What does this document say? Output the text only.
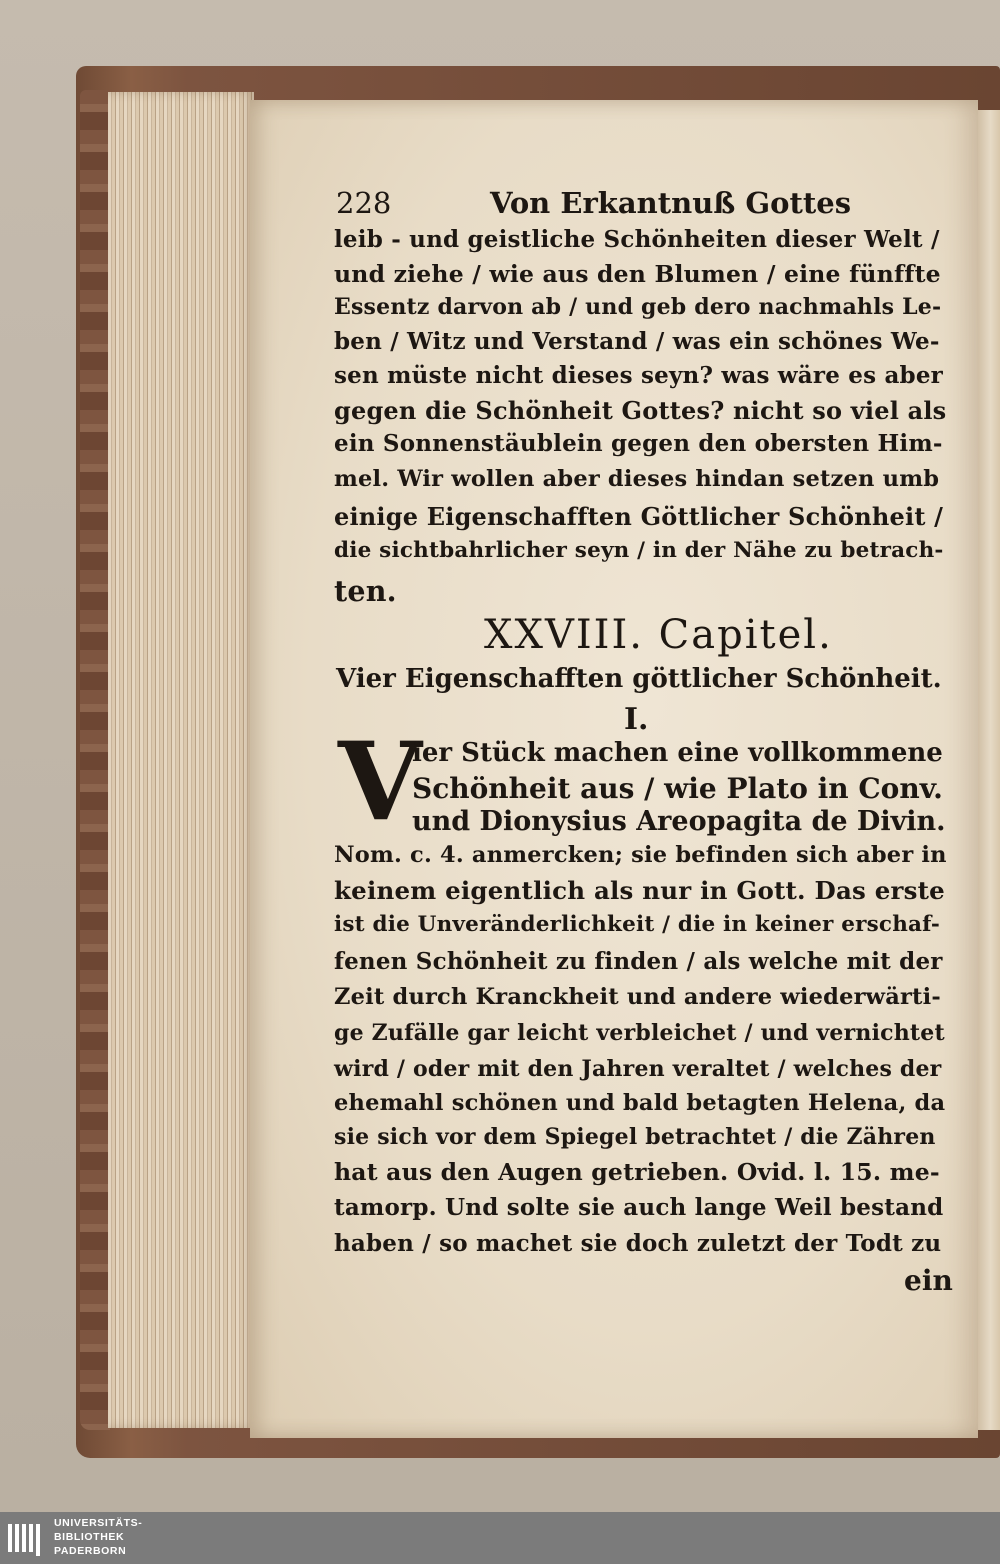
228	Von Erkantnuß Gottes
leib - und geistliche Schönheiten dieser Welt /
und ziehe / wie aus den Blumen / eine fünffte
Essentz darvon ab / und geb dero nachmahls Le-
ben / Witz und Verstand / was ein schönes We-
sen müste nicht dieses seyn? was wäre es aber
gegen die Schönheit Gottes? nicht so viel als
ein Sonnenstäublein gegen den obersten Him-
mel. Wir wollen aber dieses hindan setzen umb
einige Eigenschafften Göttlicher Schönheit /
die sichtbahrlicher seyn / in der Nähe zu betrach-
ten.
XXVIII. Capitel.
Vier Eigenschafften göttlicher Schönheit.
I.
V
ier Stück machen eine vollkommene
Schönheit aus / wie Plato in Conv.
und Dionysius Areopagita de Divin.
Nom. c. 4. anmercken; sie befinden sich aber in
keinem eigentlich als nur in Gott. Das erste
ist die Unveränderlichkeit / die in keiner erschaf-
fenen Schönheit zu finden / als welche mit der
Zeit durch Kranckheit und andere wiederwärti-
ge Zufälle gar leicht verbleichet / und vernichtet
wird / oder mit den Jahren veraltet / welches der
ehemahl schönen und bald betagten Helena, da
sie sich vor dem Spiegel betrachtet / die Zähren
hat aus den Augen getrieben. Ovid. l. 15. me-
tamorp. Und solte sie auch lange Weil bestand
haben / so machet sie doch zuletzt der Todt zu
ein
UNIVERSITÄTS-
BIBLIOTHEK
PADERBORN
